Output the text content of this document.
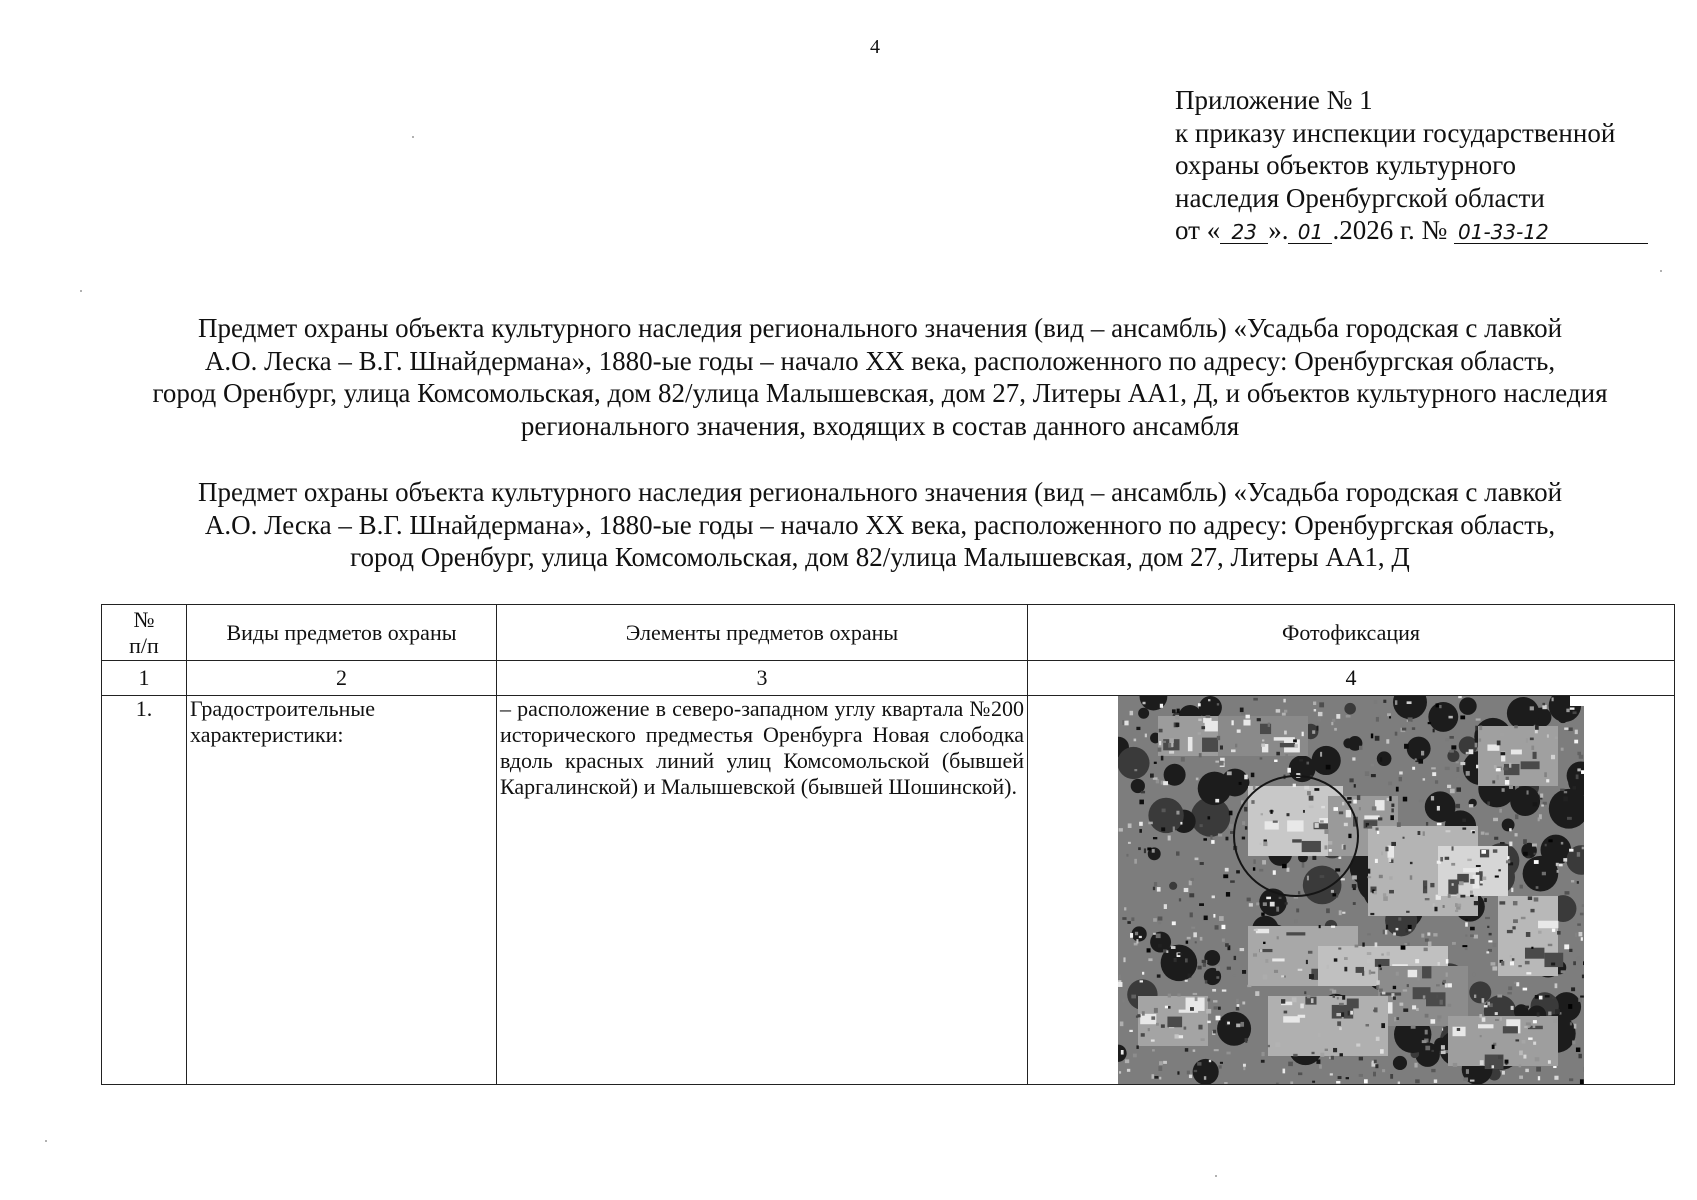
4
Приложение № 1
к приказу инспекции государственной
охраны объектов культурного
наследия Оренбургской области
от « 23 ». 01 .2026 г. № 01-33-12
Предмет охраны объекта культурного наследия регионального значения (вид – ансамбль) «Усадьба городская с лавкой
А.О. Леска – В.Г. Шнайдермана», 1880-ые годы – начало XX века, расположенного по адресу: Оренбургская область,
город Оренбург, улица Комсомольская, дом 82/улица Малышевская, дом 27, Литеры АА1, Д, и объектов культурного наследия
регионального значения, входящих в состав данного ансамбля
Предмет охраны объекта культурного наследия регионального значения (вид – ансамбль) «Усадьба городская с лавкой
А.О. Леска – В.Г. Шнайдермана», 1880-ые годы – начало XX века, расположенного по адресу: Оренбургская область,
город Оренбург, улица Комсомольская, дом 82/улица Малышевская, дом 27, Литеры АА1, Д
№
п/п	Виды предметов охраны	Элементы предметов охраны	Фотофиксация
1	2	3	4
1.	Градостроительные характеристики:	– расположение в северо-западном углу квартала №200 исторического предместья Оренбурга Новая слободка вдоль красных линий улиц Комсомольской (бывшей Каргалинской) и Малышевской (бывшей Шошинской).	
